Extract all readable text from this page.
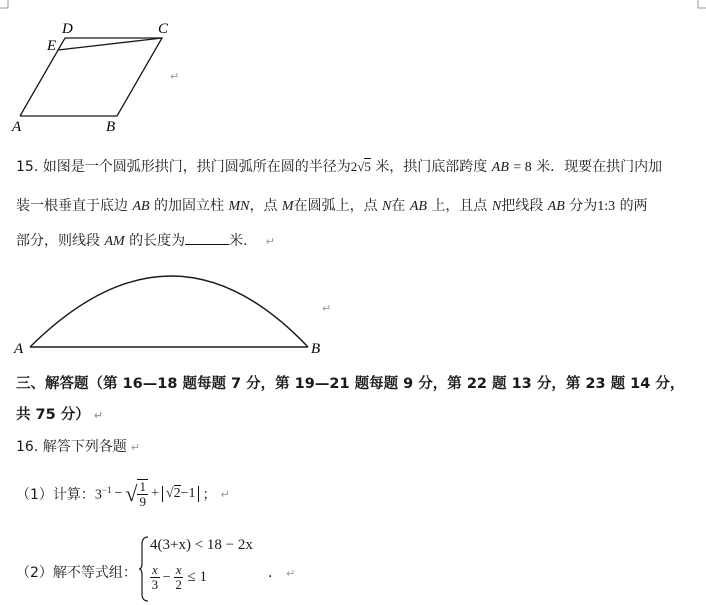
D	C
E
A	B
↵
15. 如图是一个圆弧形拱门，拱门圆弧所在圆的半径为2√5 米，拱门底部跨度 AB = 8 米．现要在拱门内加
装一根垂直于底边 AB 的加固立柱 MN，点 M在圆弧上，点 N在 AB 上，且点 N把线段 AB 分为1:3 的两
部分，则线段 AM 的长度为	米． ↵
A	B
↵
三、解答题（第 16—18 题每题 7 分，第 19—21 题每题 9 分，第 22 题 13 分，第 23 题 14 分，
共 75 分） ↵
16. 解答下列各题 ↵
（1）计算： $3^{-1}$ − √ $\frac{1}{9} + √2-1$ ； ↵
（2）解不等式组：
4(3+x) < 18 − 2x
$\frac{x}{3} - \frac{x}{2} \le 1$	． ↵
